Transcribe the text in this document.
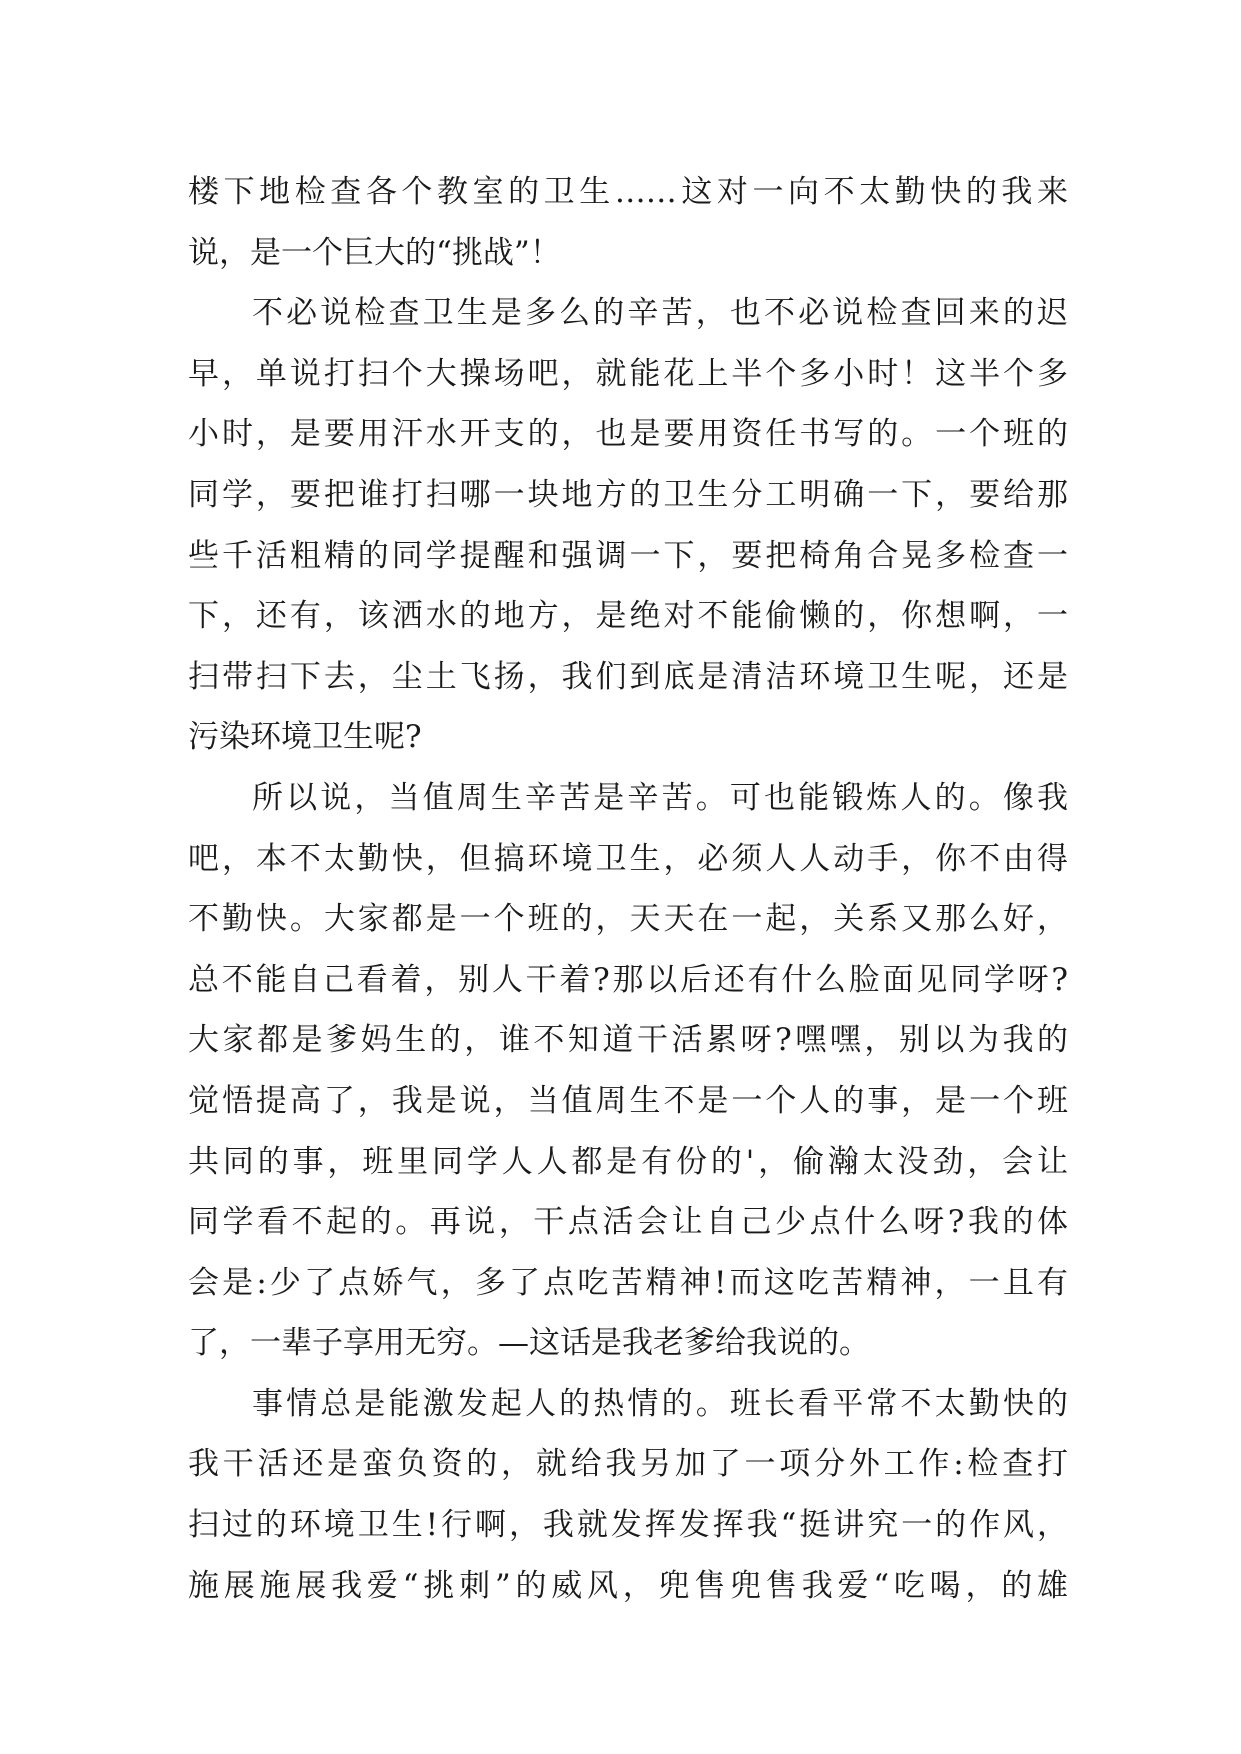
楼下地检查各个教室的卫生……这对一向不太勤快的我来
说，是一个巨大的“挑战”！
不必说检查卫生是多么的辛苦，也不必说检查回来的迟
早，单说打扫个大操场吧，就能花上半个多小时！这半个多
小时，是要用汗水开支的，也是要用资任书写的。一个班的
同学，要把谁打扫哪一块地方的卫生分工明确一下，要给那
些千活粗精的同学提醒和强调一下，要把椅角合晃多检查一
下，还有，该洒水的地方，是绝对不能偷懒的，你想啊，一
扫带扫下去，尘土飞扬，我们到底是清洁环境卫生呢，还是
污染环境卫生呢?
所以说，当值周生辛苦是辛苦。可也能锻炼人的。像我
吧，本不太勤快，但搞环境卫生，必须人人动手，你不由得
不勤快。大家都是一个班的，天天在一起，关系又那么好，
总不能自己看着，别人干着?那以后还有什么脸面见同学呀?
大家都是爹妈生的，谁不知道干活累呀?嘿嘿，别以为我的
觉悟提高了，我是说，当值周生不是一个人的事，是一个班
共同的事，班里同学人人都是有份的'，偷瀚太没劲，会让
同学看不起的。再说，干点活会让自己少点什么呀?我的体
会是:少了点娇气，多了点吃苦精神!而这吃苦精神，一且有
了，一辈子享用无穷。—这话是我老爹给我说的。
事情总是能激发起人的热情的。班长看平常不太勤快的
我干活还是蛮负资的，就给我另加了一项分外工作:检查打
扫过的环境卫生!行啊，我就发挥发挥我“挺讲究一的作风，
施展施展我爱“挑刺”的威风，兜售兜售我爱“吃喝，的雄
